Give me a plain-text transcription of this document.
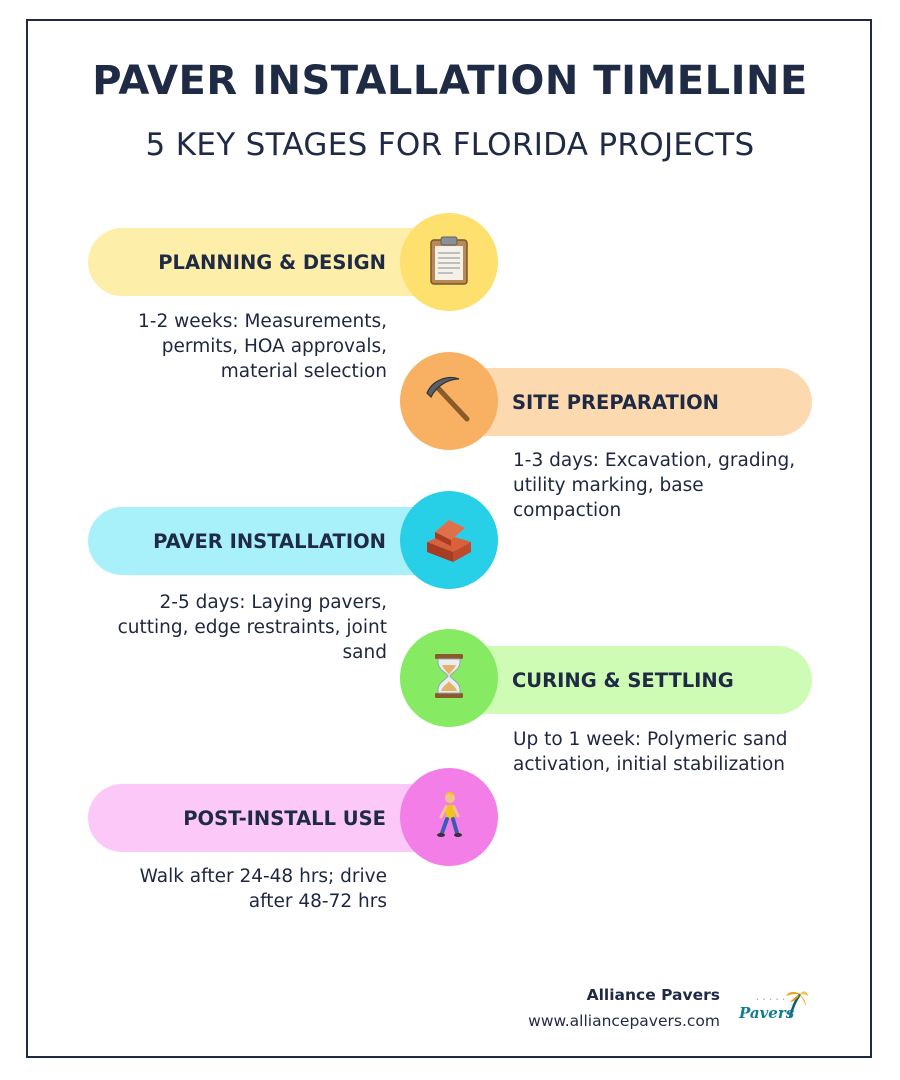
PAVER INSTALLATION TIMELINE
5 KEY STAGES FOR FLORIDA PROJECTS
PLANNING & DESIGN
1-2 weeks: Measurements, permits, HOA approvals, material selection
SITE PREPARATION
1-3 days: Excavation, grading, utility marking, base compaction
PAVER INSTALLATION
2-5 days: Laying pavers, cutting, edge restraints, joint sand
CURING & SETTLING
Up to 1 week: Polymeric sand activation, initial stabilization
POST-INSTALL USE
Walk after 24-48 hrs; drive after 48-72 hrs
Alliance Pavers
www.alliancepavers.com Pavers
• • • • •
